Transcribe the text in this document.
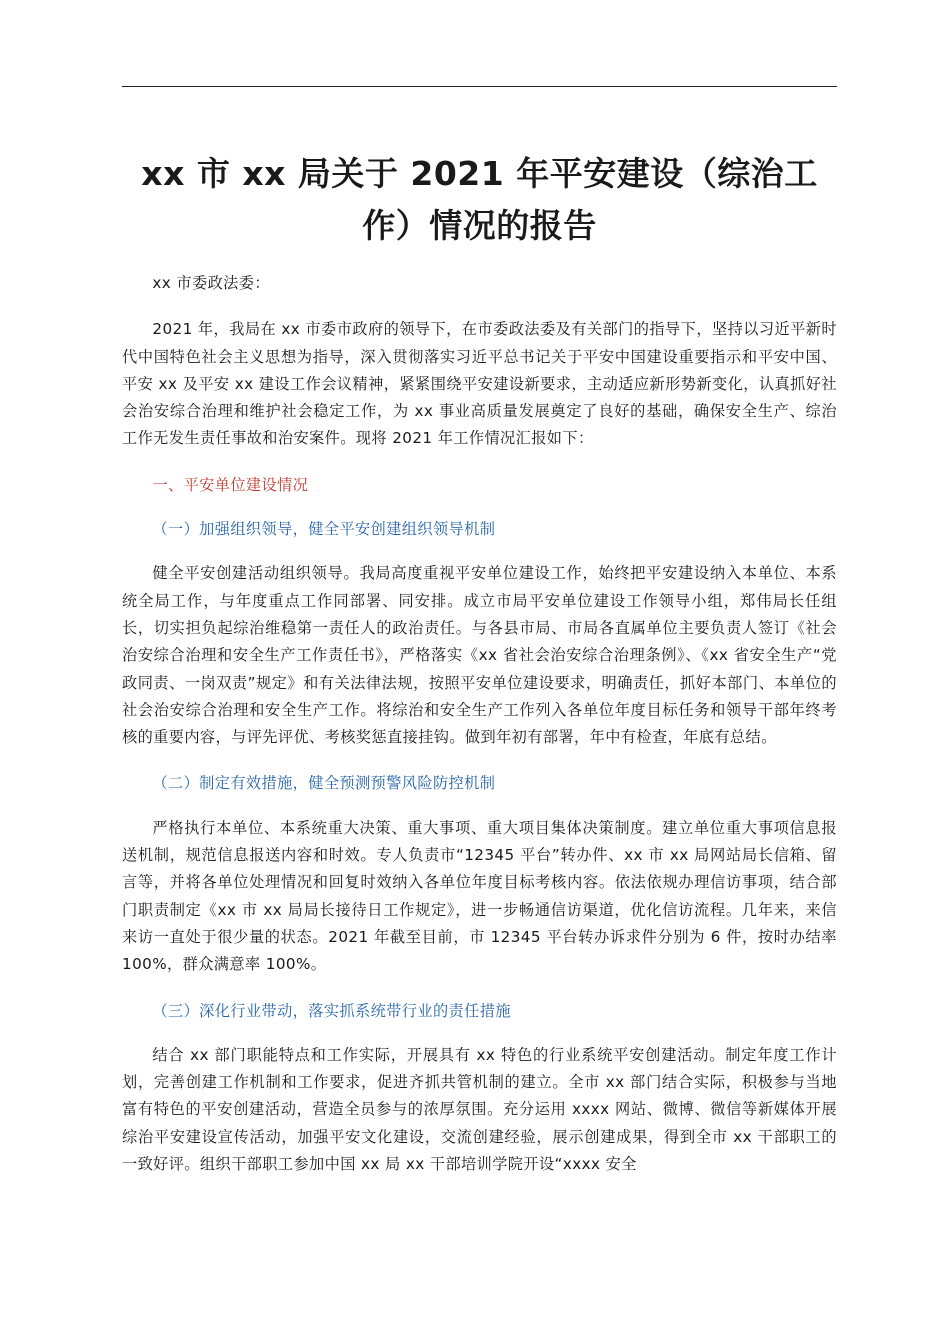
xx 市 xx 局关于 2021 年平安建设（综治工作）情况的报告

xx 市委政法委：

2021 年，我局在 xx 市委市政府的领导下，在市委政法委及有关部门的指导下，坚持以习近平新时代中国特色社会主义思想为指导，深入贯彻落实习近平总书记关于平安中国建设重要指示和平安中国、平安 xx 及平安 xx 建设工作会议精神，紧紧围绕平安建设新要求，主动适应新形势新变化，认真抓好社会治安综合治理和维护社会稳定工作，为 xx 事业高质量发展奠定了良好的基础，确保安全生产、综治工作无发生责任事故和治安案件。现将 2021 年工作情况汇报如下：

一、平安单位建设情况

（一）加强组织领导，健全平安创建组织领导机制

健全平安创建活动组织领导。我局高度重视平安单位建设工作，始终把平安建设纳入本单位、本系统全局工作，与年度重点工作同部署、同安排。成立市局平安单位建设工作领导小组，郑伟局长任组长，切实担负起综治维稳第一责任人的政治责任。与各县市局、市局各直属单位主要负责人签订《社会治安综合治理和安全生产工作责任书》，严格落实《xx 省社会治安综合治理条例》、《xx 省安全生产“党政同责、一岗双责”规定》和有关法律法规，按照平安单位建设要求，明确责任，抓好本部门、本单位的社会治安综合治理和安全生产工作。将综治和安全生产工作列入各单位年度目标任务和领导干部年终考核的重要内容，与评先评优、考核奖惩直接挂钩。做到年初有部署，年中有检查，年底有总结。

（二）制定有效措施，健全预测预警风险防控机制

严格执行本单位、本系统重大决策、重大事项、重大项目集体决策制度。建立单位重大事项信息报送机制，规范信息报送内容和时效。专人负责市“12345 平台”转办件、xx 市 xx 局网站局长信箱、留言等，并将各单位处理情况和回复时效纳入各单位年度目标考核内容。依法依规办理信访事项，结合部门职责制定《xx 市 xx 局局长接待日工作规定》，进一步畅通信访渠道，优化信访流程。几年来，来信来访一直处于很少量的状态。2021 年截至目前，市 12345 平台转办诉求件分别为 6 件，按时办结率 100%，群众满意率 100%。

（三）深化行业带动，落实抓系统带行业的责任措施

结合 xx 部门职能特点和工作实际，开展具有 xx 特色的行业系统平安创建活动。制定年度工作计划，完善创建工作机制和工作要求，促进齐抓共管机制的建立。全市 xx 部门结合实际，积极参与当地富有特色的平安创建活动，营造全员参与的浓厚氛围。充分运用 xxxx 网站、微博、微信等新媒体开展综治平安建设宣传活动，加强平安文化建设，交流创建经验，展示创建成果，得到全市 xx 干部职工的一致好评。组织干部职工参加中国 xx 局 xx 干部培训学院开设“xxxx 安全
